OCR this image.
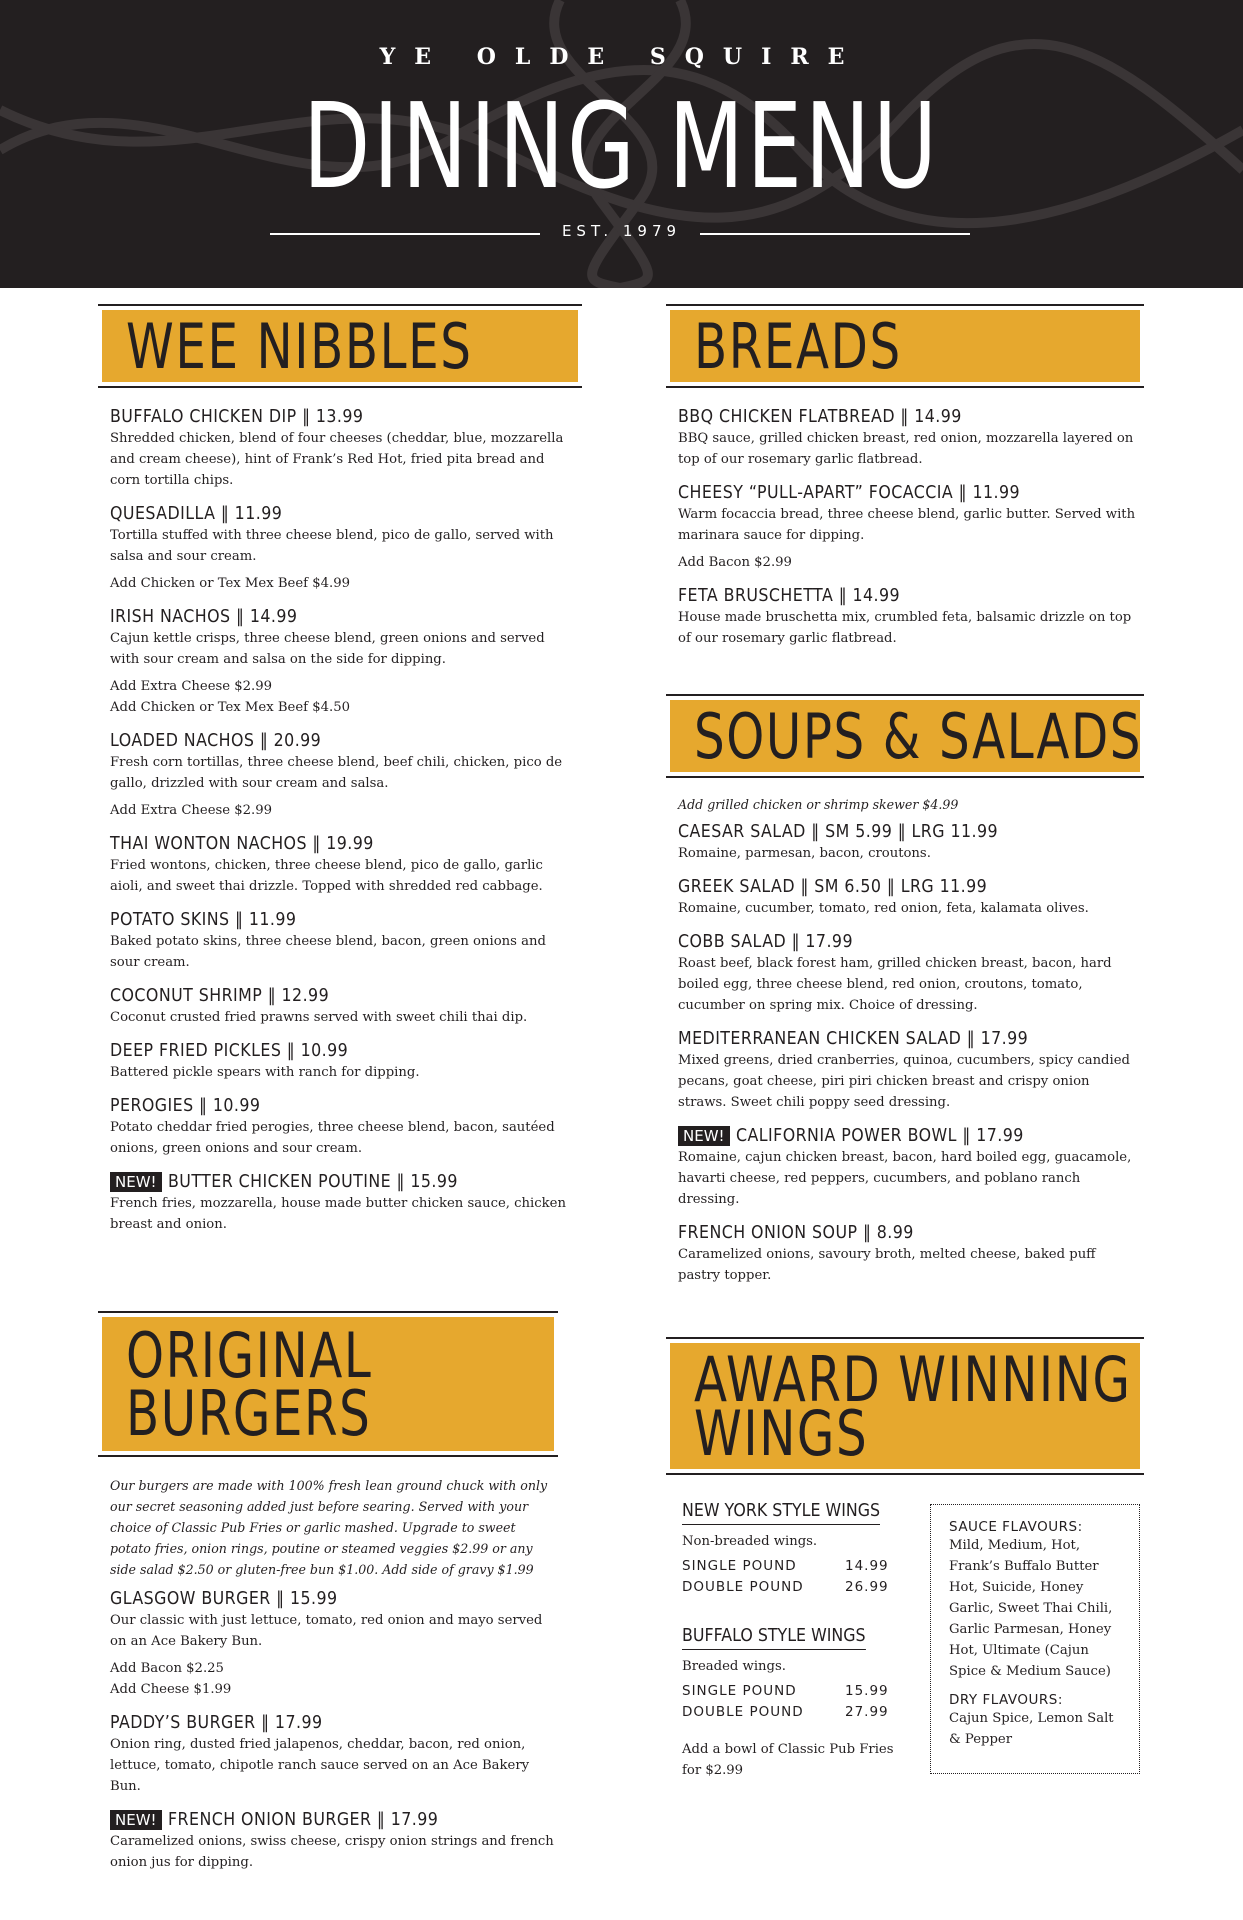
YE OLDE SQUIRE
DINING MENU
EST. 1979
WEE NIBBLES
BUFFALO CHICKEN DIP ‖ 13.99
Shredded chicken, blend of four cheeses (cheddar, blue, mozzarella and cream cheese), hint of Frank’s Red Hot, fried pita bread and corn tortilla chips.
QUESADILLA ‖ 11.99
Tortilla stuffed with three cheese blend, pico de gallo, served with salsa and sour cream.
Add Chicken or Tex Mex Beef $4.99
IRISH NACHOS ‖ 14.99
Cajun kettle crisps, three cheese blend, green onions and served with sour cream and salsa on the side for dipping.
Add Extra Cheese $2.99
Add Chicken or Tex Mex Beef $4.50
LOADED NACHOS ‖ 20.99
Fresh corn tortillas, three cheese blend, beef chili, chicken, pico de gallo, drizzled with sour cream and salsa.
Add Extra Cheese $2.99
THAI WONTON NACHOS ‖ 19.99
Fried wontons, chicken, three cheese blend, pico de gallo, garlic aioli, and sweet thai drizzle. Topped with shredded red cabbage.
POTATO SKINS ‖ 11.99
Baked potato skins, three cheese blend, bacon, green onions and sour cream.
COCONUT SHRIMP ‖ 12.99
Coconut crusted fried prawns served with sweet chili thai dip.
DEEP FRIED PICKLES ‖ 10.99
Battered pickle spears with ranch for dipping.
PEROGIES ‖ 10.99
Potato cheddar fried perogies, three cheese blend, bacon, sautéed onions, green onions and sour cream.
NEW! BUTTER CHICKEN POUTINE ‖ 15.99
French fries, mozzarella, house made butter chicken sauce, chicken breast and onion.
ORIGINAL
BURGERS
Our burgers are made with 100% fresh lean ground chuck with only our secret seasoning added just before searing. Served with your choice of Classic Pub Fries or garlic mashed. Upgrade to sweet potato fries, onion rings, poutine or steamed veggies $2.99 or any side salad $2.50 or gluten-free bun $1.00. Add side of gravy $1.99
GLASGOW BURGER ‖ 15.99
Our classic with just lettuce, tomato, red onion and mayo served on an Ace Bakery Bun.
Add Bacon $2.25
Add Cheese $1.99
PADDY’S BURGER ‖ 17.99
Onion ring, dusted fried jalapenos, cheddar, bacon, red onion, lettuce, tomato, chipotle ranch sauce served on an Ace Bakery Bun.
NEW! FRENCH ONION BURGER ‖ 17.99
Caramelized onions, swiss cheese, crispy onion strings and french onion jus for dipping.
BREADS
BBQ CHICKEN FLATBREAD ‖ 14.99
BBQ sauce, grilled chicken breast, red onion, mozzarella layered on top of our rosemary garlic flatbread.
CHEESY “PULL-APART” FOCACCIA ‖ 11.99
Warm focaccia bread, three cheese blend, garlic butter. Served with marinara sauce for dipping.
Add Bacon $2.99
FETA BRUSCHETTA ‖ 14.99
House made bruschetta mix, crumbled feta, balsamic drizzle on top of our rosemary garlic flatbread.
SOUPS & SALADS
Add grilled chicken or shrimp skewer $4.99
CAESAR SALAD ‖ SM 5.99 ‖ LRG 11.99
Romaine, parmesan, bacon, croutons.
GREEK SALAD ‖ SM 6.50 ‖ LRG 11.99
Romaine, cucumber, tomato, red onion, feta, kalamata olives.
COBB SALAD ‖ 17.99
Roast beef, black forest ham, grilled chicken breast, bacon, hard boiled egg, three cheese blend, red onion, croutons, tomato, cucumber on spring mix. Choice of dressing.
MEDITERRANEAN CHICKEN SALAD ‖ 17.99
Mixed greens, dried cranberries, quinoa, cucumbers, spicy candied pecans, goat cheese, piri piri chicken breast and crispy onion straws. Sweet chili poppy seed dressing.
NEW! CALIFORNIA POWER BOWL ‖ 17.99
Romaine, cajun chicken breast, bacon, hard boiled egg, guacamole, havarti cheese, red peppers, cucumbers, and poblano ranch dressing.
FRENCH ONION SOUP ‖ 8.99
Caramelized onions, savoury broth, melted cheese, baked puff pastry topper.
AWARD WINNING
WINGS
NEW YORK STYLE WINGS
Non-breaded wings.
SINGLE POUND	14.99
DOUBLE POUND	26.99
BUFFALO STYLE WINGS
Breaded wings.
SINGLE POUND	15.99
DOUBLE POUND	27.99
Add a bowl of Classic Pub Fries for $2.99
SAUCE FLAVOURS:
Mild, Medium, Hot, Frank’s Buffalo Butter Hot, Suicide, Honey Garlic, Sweet Thai Chili, Garlic Parmesan, Honey Hot, Ultimate (Cajun Spice & Medium Sauce)
DRY FLAVOURS:
Cajun Spice, Lemon Salt & Pepper
